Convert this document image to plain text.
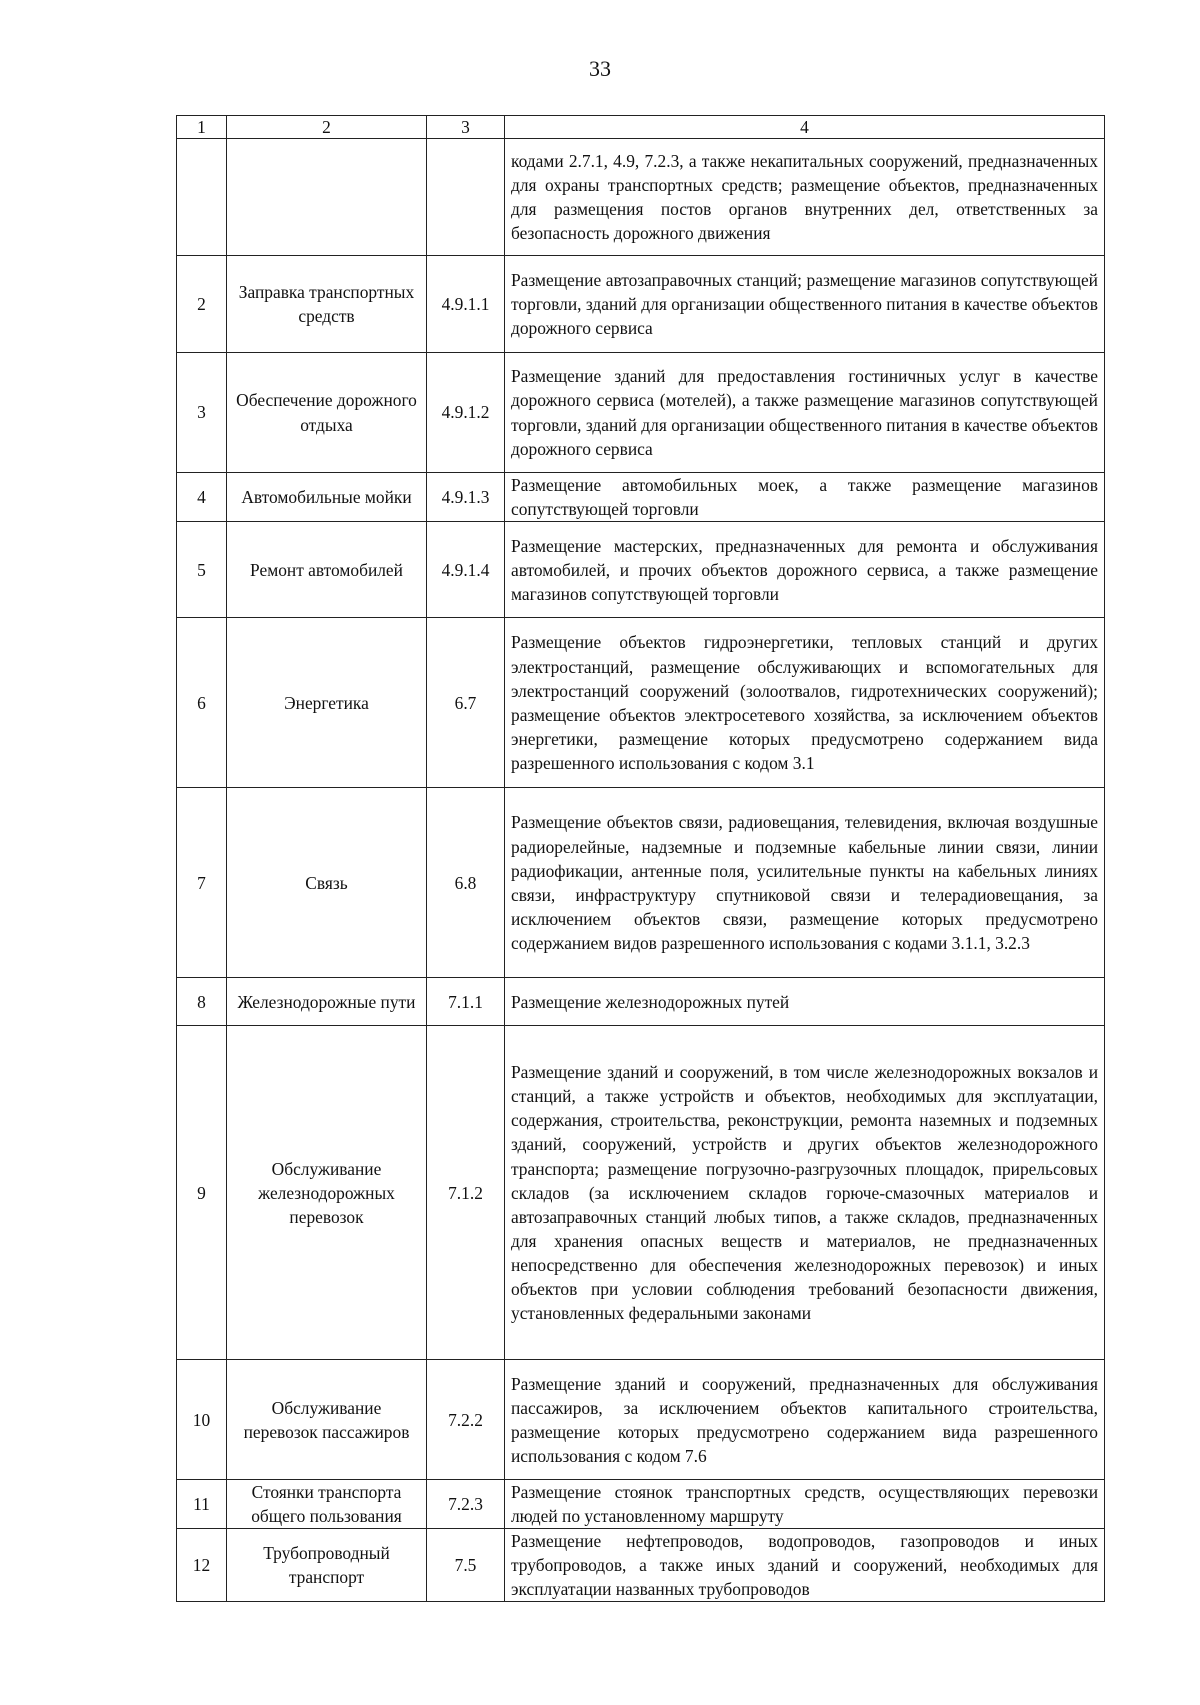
33
1	2	3	4

			кодами 2.7.1, 4.9, 7.2.3, а также некапитальных сооружений, предназначенных для охраны транспортных средств; размещение объектов, предназначенных для размещения постов органов внутренних дел, ответственных за безопасность дорожного движения

2	Заправка транспортных средств	4.9.1.1	Размещение автозаправочных станций; размещение магазинов сопутствующей торговли, зданий для организации общественного питания в качестве объектов дорожного сервиса

3	Обеспечение дорожного отдыха	4.9.1.2	Размещение зданий для предоставления гостиничных услуг в качестве дорожного сервиса (мотелей), а также размещение магазинов сопутствующей торговли, зданий для организации общественного питания в качестве объектов дорожного сервиса

4	Автомобильные мойки	4.9.1.3	Размещение автомобильных моек, а также размещение магазинов сопутствующей торговли

5	Ремонт автомобилей	4.9.1.4	Размещение мастерских, предназначенных для ремонта и обслуживания автомобилей, и прочих объектов дорожного сервиса, а также размещение магазинов сопутствующей торговли

6	Энергетика	6.7	Размещение объектов гидроэнергетики, тепловых станций и других электростанций, размещение обслуживающих и вспомогательных для электростанций сооружений (золоотвалов, гидротехнических сооружений); размещение объектов электросетевого хозяйства, за исключением объектов энергетики, размещение которых предусмотрено содержанием вида разрешенного использования с кодом 3.1

7	Связь	6.8	Размещение объектов связи, радиовещания, телевидения, включая воздушные радиорелейные, надземные и подземные кабельные линии связи, линии радиофикации, антенные поля, усилительные пункты на кабельных линиях связи, инфраструктуру спутниковой связи и телерадиовещания, за исключением объектов связи, размещение которых предусмотрено содержанием видов разрешенного использования с кодами 3.1.1, 3.2.3

8	Железнодорожные пути	7.1.1	Размещение железнодорожных путей

9	Обслуживание железнодорожных перевозок	7.1.2	Размещение зданий и сооружений, в том числе железнодорожных вокзалов и станций, а также устройств и объектов, необходимых для эксплуатации, содержания, строительства, реконструкции, ремонта наземных и подземных зданий, сооружений, устройств и других объектов железнодорожного транспорта; размещение погрузочно-разгрузочных площадок, прирельсовых складов (за исключением складов горюче-смазочных материалов и автозаправочных станций любых типов, а также складов, предназначенных для хранения опасных веществ и материалов, не предназначенных непосредственно для обеспечения железнодорожных перевозок) и иных объектов при условии соблюдения требований безопасности движения, установленных федеральными законами

10	Обслуживание перевозок пассажиров	7.2.2	Размещение зданий и сооружений, предназначенных для обслуживания пассажиров, за исключением объектов капитального строительства, размещение которых предусмотрено содержанием вида разрешенного использования с кодом 7.6

11	Стоянки транспорта общего пользования	7.2.3	Размещение стоянок транспортных средств, осуществляющих перевозки людей по установленному маршруту

12	Трубопроводный транспорт	7.5	Размещение нефтепроводов, водопроводов, газопроводов и иных трубопроводов, а также иных зданий и сооружений, необходимых для эксплуатации названных трубопроводов
